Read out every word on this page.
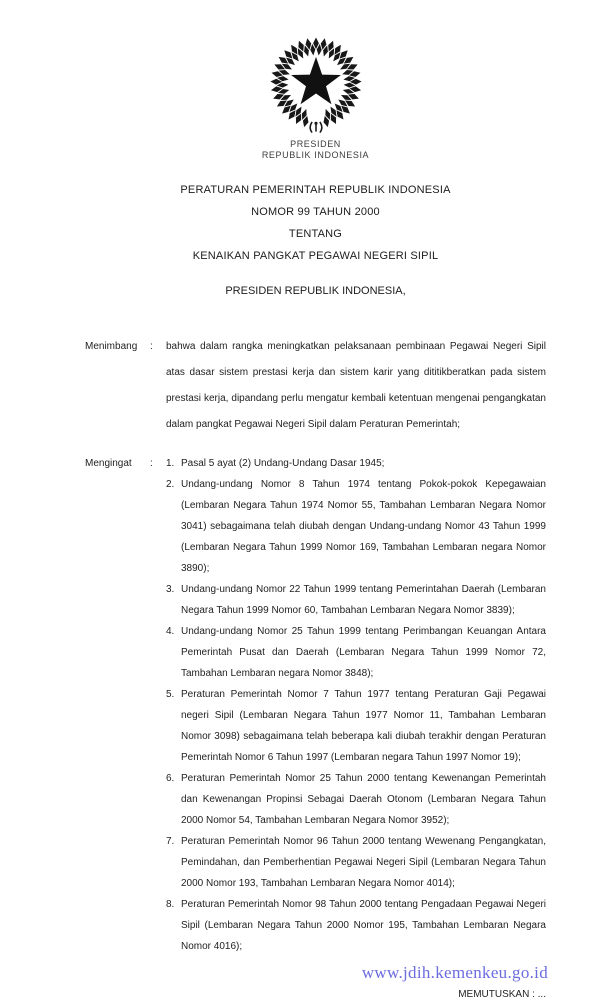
PRESIDEN
REPUBLIK INDONESIA
PERATURAN PEMERINTAH REPUBLIK INDONESIA
NOMOR 99 TAHUN 2000
TENTANG
KENAIKAN PANGKAT PEGAWAI NEGERI SIPIL
PRESIDEN REPUBLIK INDONESIA,
Menimbang	:	bahwa dalam rangka meningkatkan pelaksanaan pembinaan Pegawai Negeri Sipil atas dasar sistem prestasi kerja dan sistem karir yang dititikberatkan pada sistem prestasi kerja, dipandang perlu mengatur kembali ketentuan mengenai pengangkatan dalam pangkat Pegawai Negeri Sipil dalam Peraturan Pemerintah;
Mengingat	:	1. Pasal 5 ayat (2) Undang-Undang Dasar 1945;
2. Undang-undang Nomor 8 Tahun 1974 tentang Pokok-pokok Kepegawaian (Lembaran Negara Tahun 1974 Nomor 55, Tambahan Lembaran Negara Nomor 3041) sebagaimana telah diubah dengan Undang-undang Nomor 43 Tahun 1999 (Lembaran Negara Tahun 1999 Nomor 169, Tambahan Lembaran negara Nomor 3890);
3. Undang-undang Nomor 22 Tahun 1999 tentang Pemerintahan Daerah (Lembaran Negara Tahun 1999 Nomor 60, Tambahan Lembaran Negara Nomor 3839);
4. Undang-undang Nomor 25 Tahun 1999 tentang Perimbangan Keuangan Antara Pemerintah Pusat dan Daerah (Lembaran Negara Tahun 1999 Nomor 72, Tambahan Lembaran negara Nomor 3848);
5. Peraturan Pemerintah Nomor 7 Tahun 1977 tentang Peraturan Gaji Pegawai negeri Sipil (Lembaran Negara Tahun 1977 Nomor 11, Tambahan Lembaran Nomor 3098) sebagaimana telah beberapa kali diubah terakhir dengan Peraturan Pemerintah Nomor 6 Tahun 1997 (Lembaran negara Tahun 1997 Nomor 19);
6. Peraturan Pemerintah Nomor 25 Tahun 2000 tentang Kewenangan Pemerintah dan Kewenangan Propinsi Sebagai Daerah Otonom (Lembaran Negara Tahun 2000 Nomor 54, Tambahan Lembaran Negara Nomor 3952);
7. Peraturan Pemerintah Nomor 96 Tahun 2000 tentang Wewenang Pengangkatan, Pemindahan, dan Pemberhentian Pegawai Negeri Sipil (Lembaran Negara Tahun 2000 Nomor 193, Tambahan Lembaran Negara Nomor 4014);
8. Peraturan Pemerintah Nomor 98 Tahun 2000 tentang Pengadaan Pegawai Negeri Sipil (Lembaran Negara Tahun 2000 Nomor 195, Tambahan Lembaran Negara Nomor 4016);
MEMUTUSKAN : ...
www.jdih.kemenkeu.go.id
